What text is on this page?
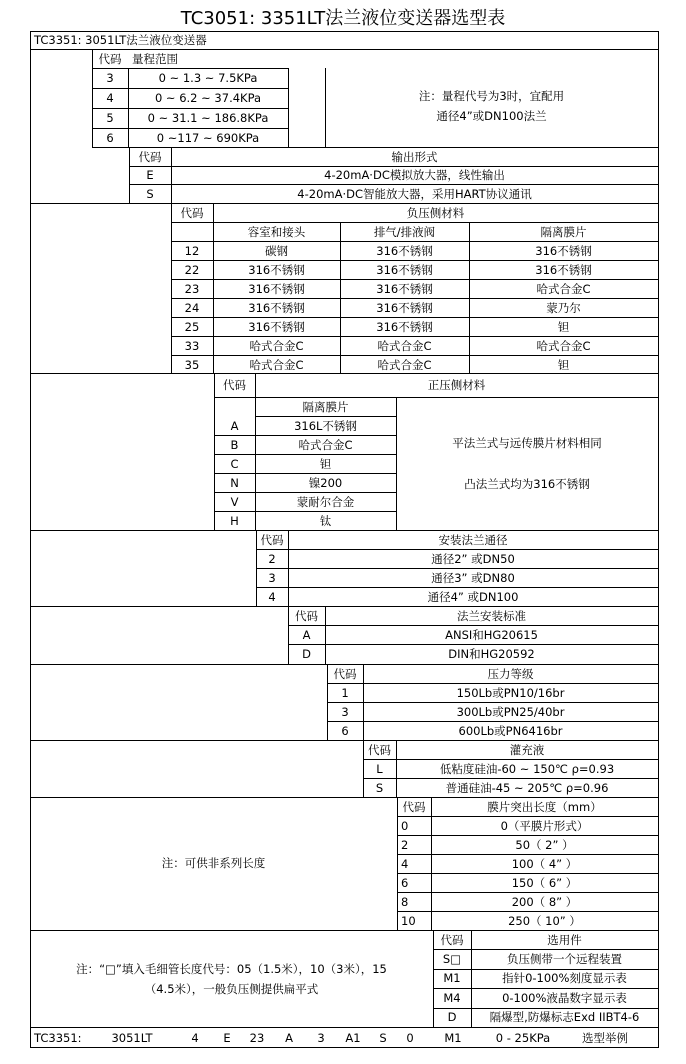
TC3051: 3351LT法兰液位变送器选型表
TC3351: 3051LT法兰液位变送器
代码 量程范围
3	0 ~ 1.3 ~ 7.5KPa
4	0 ~ 6.2 ~ 37.4KPa
5	0 ~ 31.1 ~ 186.8KPa
6	0 ~117 ~ 690KPa
注：量程代号为3时，宜配用
通径4”或DN100法兰
代码	输出形式
E	4-20mA·DC模拟放大器，线性输出
S	4-20mA·DC智能放大器，采用HART协议通讯
代码	负压侧材料
容室和接头	排气/排液阀	隔离膜片
12	碳钢	316不锈钢	316不锈钢
22	316不锈钢	316不锈钢	316不锈钢
23	316不锈钢	316不锈钢	哈式合金C
24	316不锈钢	316不锈钢	蒙乃尔
25	316不锈钢	316不锈钢	钽
33	哈式合金C	哈式合金C	哈式合金C
35	哈式合金C	哈式合金C	钽
代码	正压侧材料
隔离膜片
A	316L不锈钢
B	哈式合金C
C	钽
N	镍200
V	蒙耐尔合金
H	钛
平法兰式与远传膜片材料相同
凸法兰式均为316不锈钢
代码	安装法兰通径
2	通径2” 或DN50
3	通径3” 或DN80
4	通径4” 或DN100
代码	法兰安装标准
A	ANSI和HG20615
D	DIN和HG20592
代码	压力等级
1	150Lb或PN10/16br
3	300Lb或PN25/40br
6	600Lb或PN6416br
代码	灌充液
L	低粘度硅油-60 ~ 150℃ ρ=0.93
S	普通硅油-45 ~ 205℃ ρ=0.96
代码	膜片突出长度（mm）
0	0（平膜片形式）
2	50（ 2” ）
4	100（ 4” ）
6	150（ 6” ）
8	200（ 8” ）
10	250（ 10” ）
注：可供非系列长度
代码	选用件
S□	负压侧带一个远程装置
M1	指针0-100%刻度显示表
M4	0-100%液晶数字显示表
D	隔爆型,防爆标志Exd IIBT4-6
注：“□”填入毛细管长度代号：05（1.5米），10（3米），15
（4.5米），一般负压侧提供扁平式
TC3351:	3051LT	4	E	23	A	3	A1	S	0	M1	0 - 25KPa	选型举例
